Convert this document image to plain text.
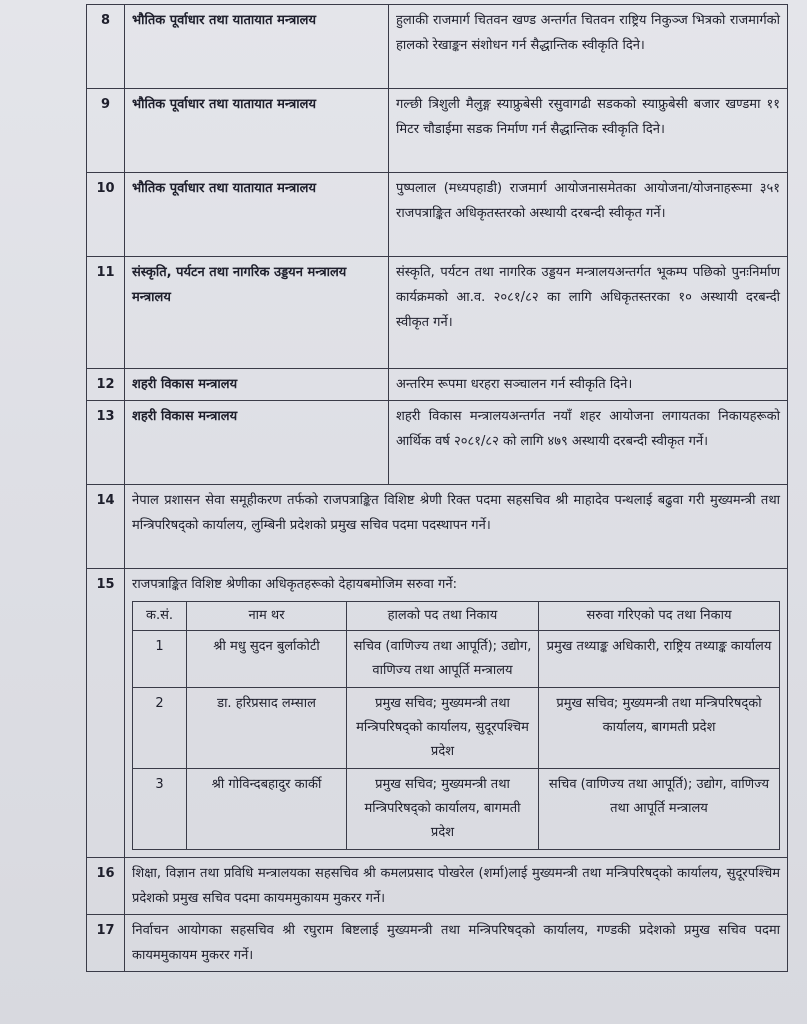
8	भौतिक पूर्वाधार तथा यातायात मन्त्रालय	हुलाकी राजमार्ग चितवन खण्ड अन्तर्गत चितवन राष्ट्रिय निकुञ्ज भित्रको राजमार्गको हालको रेखाङ्कन संशोधन गर्न सैद्धान्तिक स्वीकृति दिने।
9	भौतिक पूर्वाधार तथा यातायात मन्त्रालय	गल्छी त्रिशुली मैलुङ्ग स्याफ्रुबेसी रसुवागढी सडकको स्याफ्रुबेसी बजार खण्डमा ११ मिटर चौडाईमा सडक निर्माण गर्न सैद्धान्तिक स्वीकृति दिने।
10	भौतिक पूर्वाधार तथा यातायात मन्त्रालय	पुष्पलाल (मध्यपहाडी) राजमार्ग आयोजनासमेतका आयोजना/योजनाहरूमा ३५१ राजपत्राङ्कित अधिकृतस्तरको अस्थायी दरबन्दी स्वीकृत गर्ने।
11	संस्कृति, पर्यटन तथा नागरिक उड्डयन मन्त्रालय मन्त्रालय	संस्कृति, पर्यटन तथा नागरिक उड्डयन मन्त्रालयअन्तर्गत भूकम्प पछिको पुनःनिर्माण कार्यक्रमको आ.व. २०८१/८२ का लागि अधिकृतस्तरका १० अस्थायी दरबन्दी स्वीकृत गर्ने।
12	शहरी विकास मन्त्रालय	अन्तरिम रूपमा धरहरा सञ्चालन गर्न स्वीकृति दिने।
13	शहरी विकास मन्त्रालय	शहरी विकास मन्त्रालयअन्तर्गत नयाँ शहर आयोजना लगायतका निकायहरूको आर्थिक वर्ष २०८१/८२ को लागि ४७९ अस्थायी दरबन्दी स्वीकृत गर्ने।
14	नेपाल प्रशासन सेवा समूहीकरण तर्फको राजपत्राङ्कित विशिष्ट श्रेणी रिक्त पदमा सहसचिव श्री माहादेव पन्थलाई बढुवा गरी मुख्यमन्त्री तथा मन्त्रिपरिषद्को कार्यालय, लुम्बिनी प्रदेशको प्रमुख सचिव पदमा पदस्थापन गर्ने।
15	राजपत्राङ्कित विशिष्ट श्रेणीका अधिकृतहरूको देहायबमोजिम सरुवा गर्ने:
क.सं.	नाम थर	हालको पद तथा निकाय	सरुवा गरिएको पद तथा निकाय
1	श्री मधु सुदन बुर्लाकोटी	सचिव (वाणिज्य तथा आपूर्ति); उद्योग, वाणिज्य तथा आपूर्ति मन्त्रालय	प्रमुख तथ्याङ्क अधिकारी, राष्ट्रिय तथ्याङ्क कार्यालय
2	डा. हरिप्रसाद लम्साल	प्रमुख सचिव; मुख्यमन्त्री तथा मन्त्रिपरिषद्को कार्यालय, सुदूरपश्चिम प्रदेश	प्रमुख सचिव; मुख्यमन्त्री तथा मन्त्रिपरिषद्को कार्यालय, बागमती प्रदेश
3	श्री गोविन्दबहादुर कार्की	प्रमुख सचिव; मुख्यमन्त्री तथा मन्त्रिपरिषद्को कार्यालय, बागमती प्रदेश	सचिव (वाणिज्य तथा आपूर्ति); उद्योग, वाणिज्य तथा आपूर्ति मन्त्रालय

16	शिक्षा, विज्ञान तथा प्रविधि मन्त्रालयका सहसचिव श्री कमलप्रसाद पोखरेल (शर्मा)लाई मुख्यमन्त्री तथा मन्त्रिपरिषद्को कार्यालय, सुदूरपश्चिम प्रदेशको प्रमुख सचिव पदमा कायममुकायम मुकरर गर्ने।
17	निर्वाचन आयोगका सहसचिव श्री रघुराम बिष्टलाई मुख्यमन्त्री तथा मन्त्रिपरिषद्को कार्यालय, गण्डकी प्रदेशको प्रमुख सचिव पदमा कायममुकायम मुकरर गर्ने।
